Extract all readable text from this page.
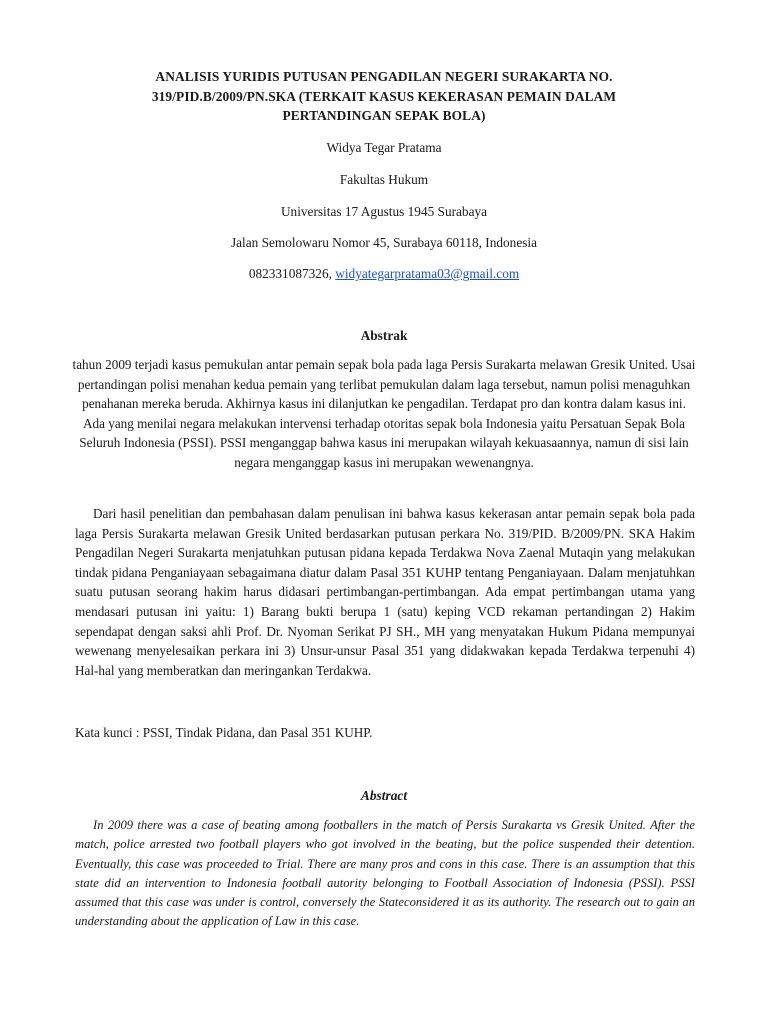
ANALISIS YURIDIS PUTUSAN PENGADILAN NEGERI SURAKARTA NO. 319/PID.B/2009/PN.SKA (TERKAIT KASUS KEKERASAN PEMAIN DALAM PERTANDINGAN SEPAK BOLA)
Widya Tegar Pratama
Fakultas Hukum
Universitas 17 Agustus 1945 Surabaya
Jalan Semolowaru Nomor 45, Surabaya 60118, Indonesia
082331087326, widyategarpratama03@gmail.com
Abstrak
tahun 2009 terjadi kasus pemukulan antar pemain sepak bola pada laga Persis Surakarta melawan Gresik United. Usai pertandingan polisi menahan kedua pemain yang terlibat pemukulan dalam laga tersebut, namun polisi menaguhkan penahanan mereka beruda. Akhirnya kasus ini dilanjutkan ke pengadilan. Terdapat pro dan kontra dalam kasus ini. Ada yang menilai negara melakukan intervensi terhadap otoritas sepak bola Indonesia yaitu Persatuan Sepak Bola Seluruh Indonesia (PSSI). PSSI menganggap bahwa kasus ini merupakan wilayah kekuasaannya, namun di sisi lain negara menganggap kasus ini merupakan wewenangnya.
Dari hasil penelitian dan pembahasan dalam penulisan ini bahwa kasus kekerasan antar pemain sepak bola pada laga Persis Surakarta melawan Gresik United berdasarkan putusan perkara No. 319/PID. B/2009/PN. SKA Hakim Pengadilan Negeri Surakarta menjatuhkan putusan pidana kepada Terdakwa Nova Zaenal Mutaqin yang melakukan tindak pidana Penganiayaan sebagaimana diatur dalam Pasal 351 KUHP tentang Penganiayaan. Dalam menjatuhkan suatu putusan seorang hakim harus didasari pertimbangan-pertimbangan. Ada empat pertimbangan utama yang mendasari putusan ini yaitu: 1) Barang bukti berupa 1 (satu) keping VCD rekaman pertandingan 2) Hakim sependapat dengan saksi ahli Prof. Dr. Nyoman Serikat PJ SH., MH yang menyatakan Hukum Pidana mempunyai wewenang menyelesaikan perkara ini 3) Unsur-unsur Pasal 351 yang didakwakan kepada Terdakwa terpenuhi 4) Hal-hal yang memberatkan dan meringankan Terdakwa.
Kata kunci : PSSI, Tindak Pidana, dan Pasal 351 KUHP.
Abstract
In 2009 there was a case of beating among footballers in the match of Persis Surakarta vs Gresik United. After the match, police arrested two football players who got involved in the beating, but the police suspended their detention. Eventually, this case was proceeded to Trial. There are many pros and cons in this case. There is an assumption that this state did an intervention to Indonesia football autority belonging to Football Association of Indonesia (PSSI). PSSI assumed that this case was under is control, conversely the Stateconsidered it as its authority. The research out to gain an understanding about the application of Law in this case.
